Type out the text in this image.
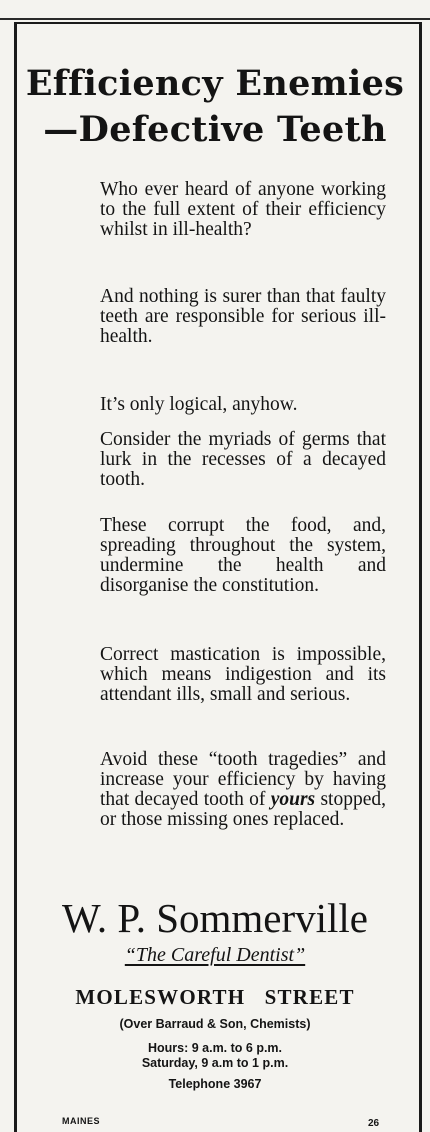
Efficiency Enemies
—Defective Teeth
Who ever heard of anyone working to the full extent of their efficiency whilst in ill-health?
And nothing is surer than that faulty teeth are responsible for serious ill-health.
It’s only logical, anyhow.
Consider the myriads of germs that lurk in the recesses of a decayed tooth.
These corrupt the food, and, spreading throughout the system, undermine the health and disorganise the constitution.
Correct mastication is impossible, which means indigestion and its attendant ills, small and serious.
Avoid these “tooth tragedies” and increase your efficiency by having that decayed tooth of yours stopped, or those missing ones replaced.
W. P. Sommerville
“The Careful Dentist”
MOLESWORTH   STREET
(Over Barraud & Son, Chemists)
Hours: 9 a.m. to 6 p.m.
Saturday, 9 a.m to 1 p.m.
Telephone 3967
MAINES	26
